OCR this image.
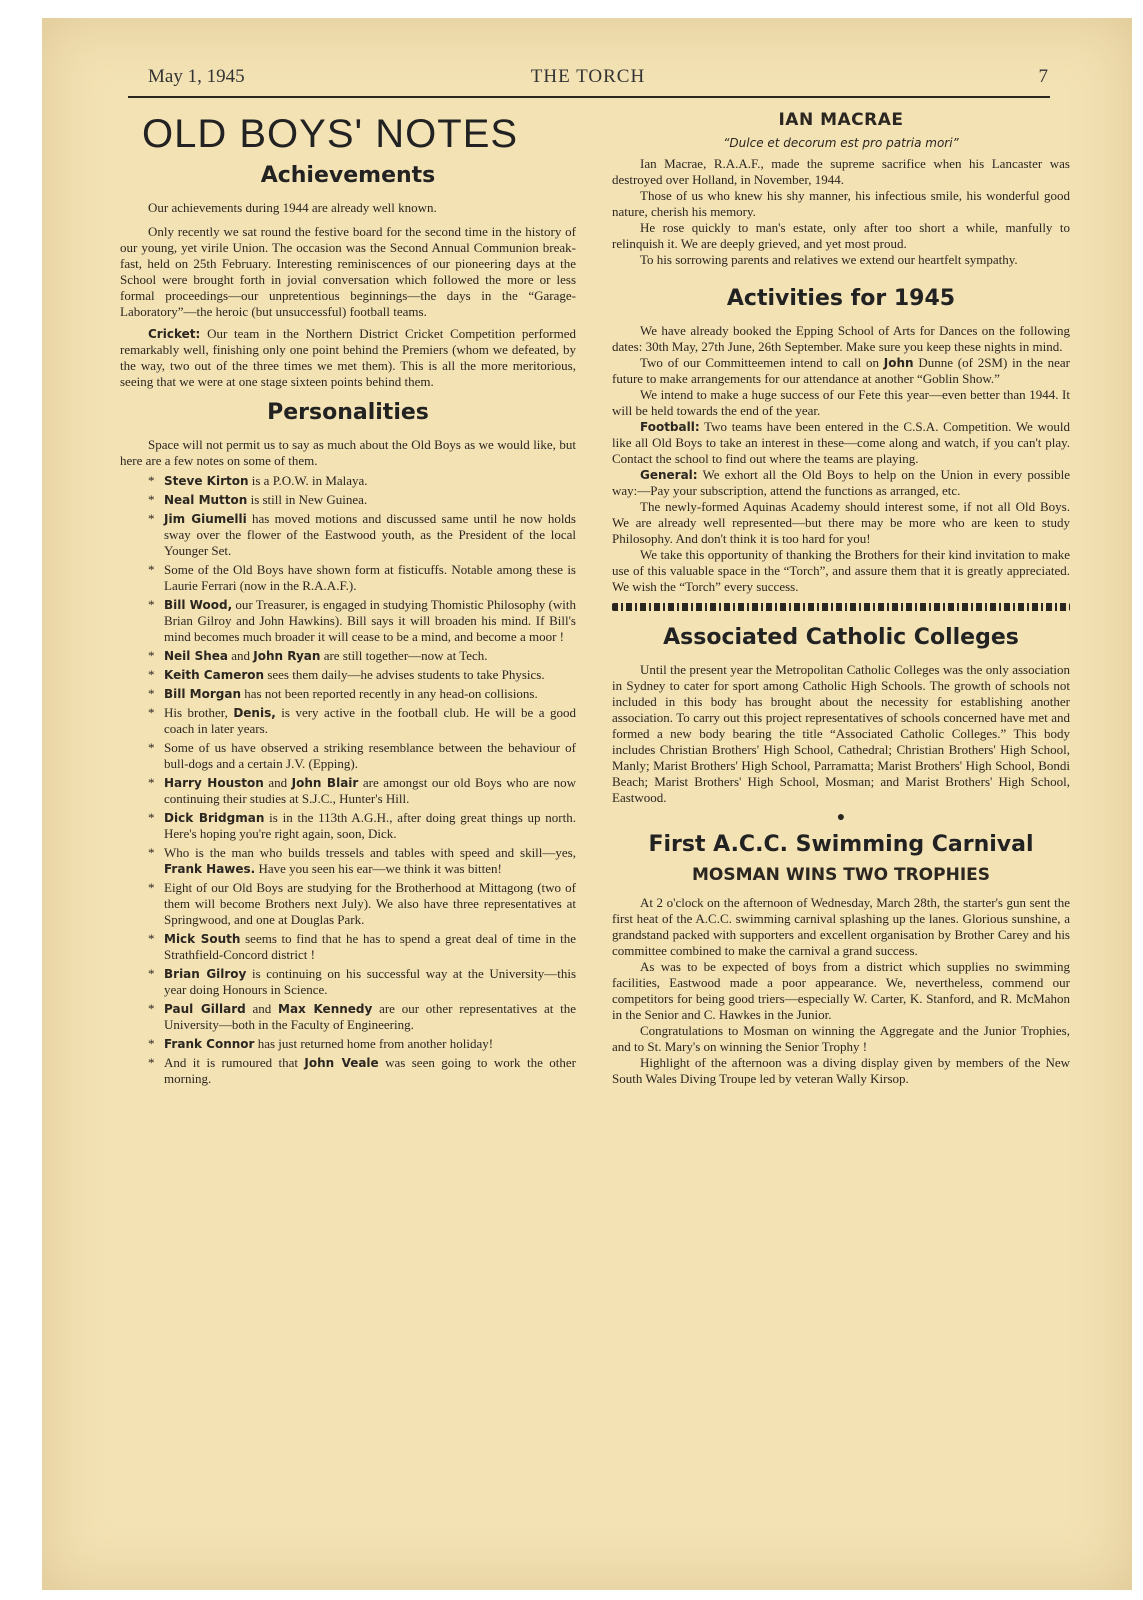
May 1, 1945	THE TORCH	7
OLD BOYS' NOTES
Achievements

Our achievements during 1944 are already well known.

Only recently we sat round the festive board for the second time in the history of our young, yet virile Union. The occasion was the Second Annual Communion break-fast, held on 25th February. Interesting reminiscences of our pioneering days at the School were brought forth in jovial conversation which followed the more or less formal proceedings—our unpretentious beginnings—the days in the “Garage-Laboratory”—the heroic (but unsuccessful) football teams.

Cricket: Our team in the Northern District Cricket Competition performed remarkably well, finishing only one point behind the Premiers (whom we defeated, by the way, two out of the three times we met them). This is all the more meritorious, seeing that we were at one stage sixteen points behind them.

Personalities

Space will not permit us to say as much about the Old Boys as we would like, but here are a few notes on some of them.

* Steve Kirton is a P.O.W. in Malaya.
* Neal Mutton is still in New Guinea.
* Jim Giumelli has moved motions and discussed same until he now holds sway over the flower of the Eastwood youth, as the President of the local Younger Set.
* Some of the Old Boys have shown form at fisticuffs. Notable among these is Laurie Ferrari (now in the R.A.A.F.).
* Bill Wood, our Treasurer, is engaged in studying Thomistic Philosophy (with Brian Gilroy and John Hawkins). Bill says it will broaden his mind. If Bill's mind becomes much broader it will cease to be a mind, and become a moor !
* Neil Shea and John Ryan are still together—now at Tech.
* Keith Cameron sees them daily—he advises students to take Physics.
* Bill Morgan has not been reported recently in any head-on collisions.
* His brother, Denis, is very active in the football club. He will be a good coach in later years.
* Some of us have observed a striking resemblance between the behaviour of bull-dogs and a certain J.V. (Epping).
* Harry Houston and John Blair are amongst our old Boys who are now continuing their studies at S.J.C., Hunter's Hill.
* Dick Bridgman is in the 113th A.G.H., after doing great things up north. Here's hoping you're right again, soon, Dick.
* Who is the man who builds tressels and tables with speed and skill—yes, Frank Hawes. Have you seen his ear—we think it was bitten!
* Eight of our Old Boys are studying for the Brotherhood at Mittagong (two of them will become Brothers next July). We also have three representatives at Springwood, and one at Douglas Park.
* Mick South seems to find that he has to spend a great deal of time in the Strathfield-Concord district !
* Brian Gilroy is continuing on his successful way at the University—this year doing Honours in Science.
* Paul Gillard and Max Kennedy are our other representatives at the University—both in the Faculty of Engineering.
* Frank Connor has just returned home from another holiday!
* And it is rumoured that John Veale was seen going to work the other morning.
IAN MACRAE
“Dulce et decorum est pro patria mori”

Ian Macrae, R.A.A.F., made the supreme sacrifice when his Lancaster was destroyed over Holland, in November, 1944.

Those of us who knew his shy manner, his infectious smile, his wonderful good nature, cherish his memory.

He rose quickly to man's estate, only after too short a while, manfully to relinquish it. We are deeply grieved, and yet most proud.

To his sorrowing parents and relatives we extend our heartfelt sympathy.

Activities for 1945

We have already booked the Epping School of Arts for Dances on the following dates: 30th May, 27th June, 26th September. Make sure you keep these nights in mind.

Two of our Committeemen intend to call on John Dunne (of 2SM) in the near future to make arrangements for our attendance at another “Goblin Show.”

We intend to make a huge success of our Fete this year—even better than 1944. It will be held towards the end of the year.

Football: Two teams have been entered in the C.S.A. Competition. We would like all Old Boys to take an interest in these—come along and watch, if you can't play. Contact the school to find out where the teams are playing.

General: We exhort all the Old Boys to help on the Union in every possible way:—Pay your subscription, attend the functions as arranged, etc.

The newly-formed Aquinas Academy should interest some, if not all Old Boys. We are already well represented—but there may be more who are keen to study Philosophy. And don't think it is too hard for you!

We take this opportunity of thanking the Brothers for their kind invitation to make use of this valuable space in the “Torch”, and assure them that it is greatly appreciated. We wish the “Torch” every success.

Associated Catholic Colleges

Until the present year the Metropolitan Catholic Colleges was the only association in Sydney to cater for sport among Catholic High Schools. The growth of schools not included in this body has brought about the necessity for establishing another association. To carry out this project representatives of schools concerned have met and formed a new body bearing the title “Associated Catholic Colleges.” This body includes Christian Brothers' High School, Cathedral; Christian Brothers' High School, Manly; Marist Brothers' High School, Parramatta; Marist Brothers' High School, Bondi Beach; Marist Brothers' High School, Mosman; and Marist Brothers' High School, Eastwood.

●
First A.C.C. Swimming Carnival
MOSMAN WINS TWO TROPHIES

At 2 o'clock on the afternoon of Wednesday, March 28th, the starter's gun sent the first heat of the A.C.C. swimming carnival splashing up the lanes. Glorious sunshine, a grandstand packed with supporters and excellent organisation by Brother Carey and his committee combined to make the carnival a grand success.

As was to be expected of boys from a district which supplies no swimming facilities, Eastwood made a poor appearance. We, nevertheless, commend our competitors for being good triers—especially W. Carter, K. Stanford, and R. McMahon in the Senior and C. Hawkes in the Junior.

Congratulations to Mosman on winning the Aggregate and the Junior Trophies, and to St. Mary's on winning the Senior Trophy !

Highlight of the afternoon was a diving display given by members of the New South Wales Diving Troupe led by veteran Wally Kirsop.
